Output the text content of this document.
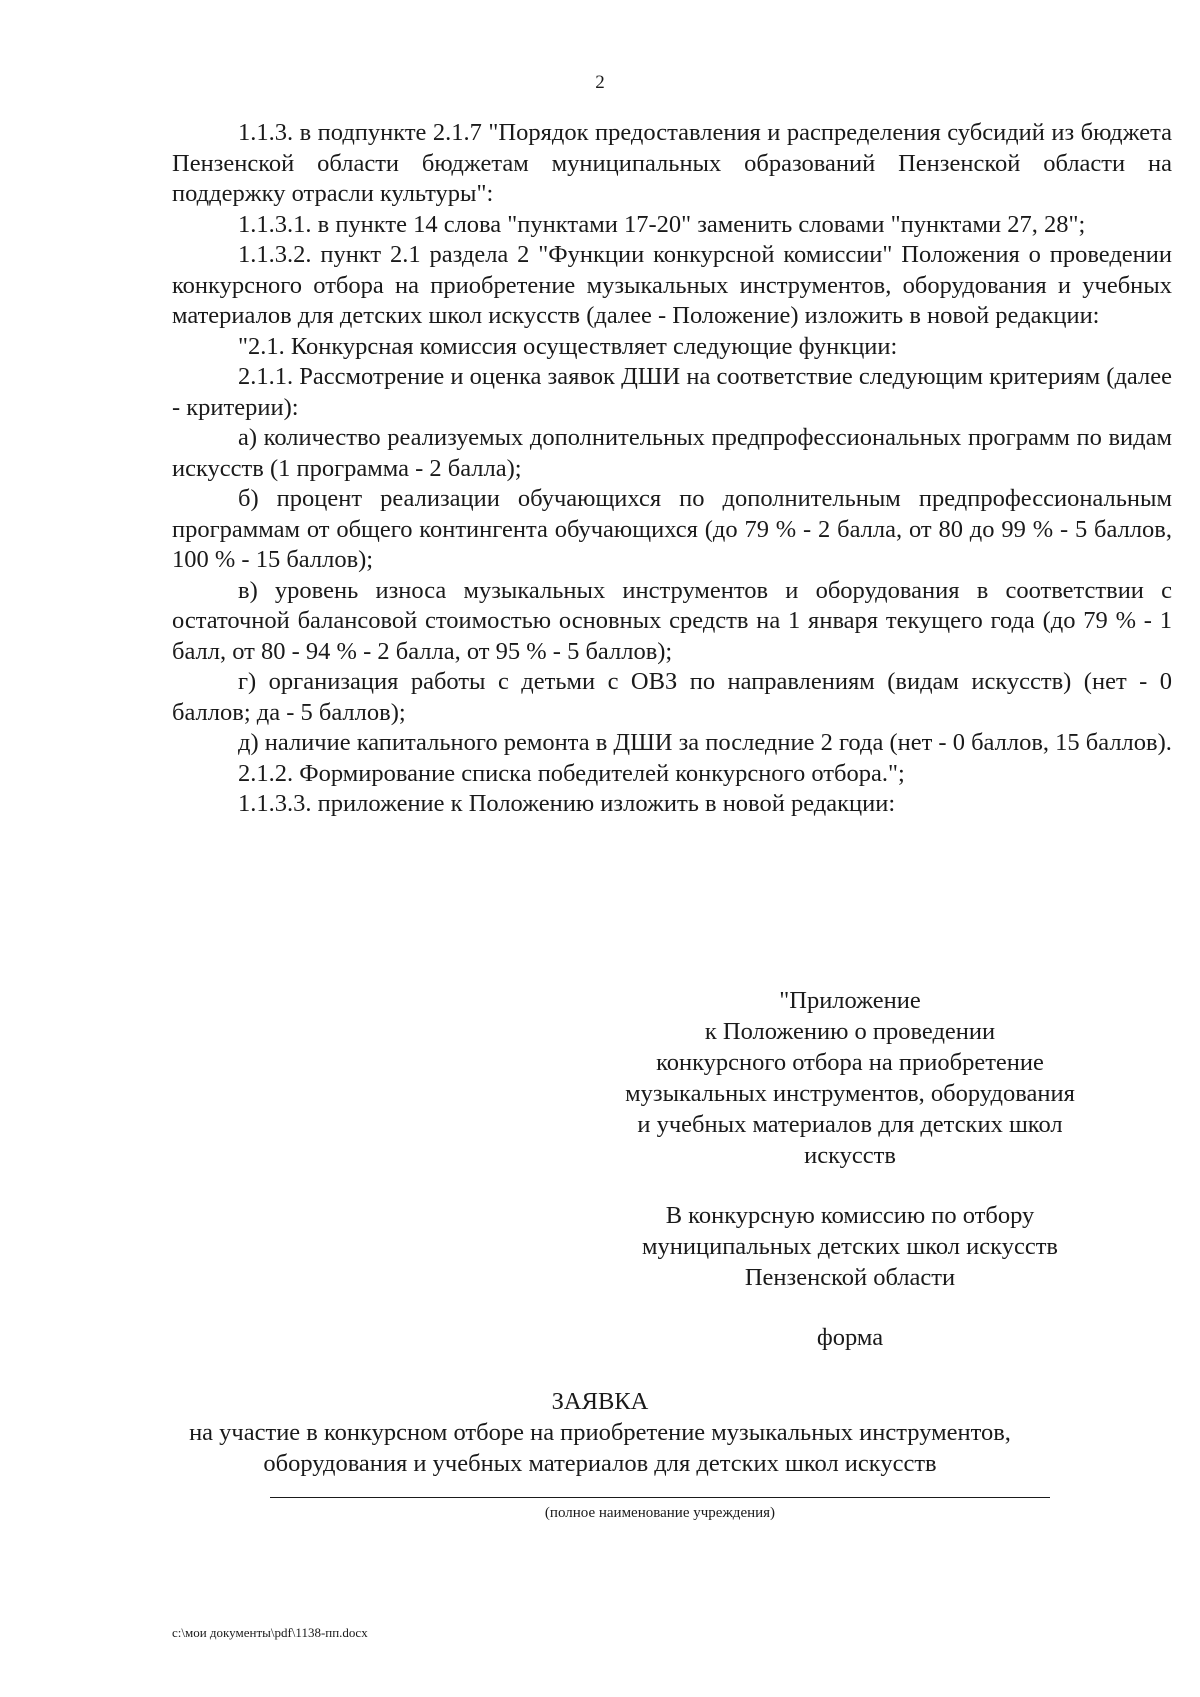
2

1.1.3. в подпункте 2.1.7 "Порядок предоставления и распределения субсидий из бюджета Пензенской области бюджетам муниципальных образований Пензенской области на поддержку отрасли культуры":

1.1.3.1. в пункте 14 слова "пунктами 17-20" заменить словами "пунктами 27, 28";

1.1.3.2. пункт 2.1 раздела 2 "Функции конкурсной комиссии" Положения о проведении конкурсного отбора на приобретение музыкальных инструментов, оборудования и учебных материалов для детских школ искусств (далее - Положение) изложить в новой редакции:

"2.1. Конкурсная комиссия осуществляет следующие функции:

2.1.1. Рассмотрение и оценка заявок ДШИ на соответствие следующим критериям (далее - критерии):

а) количество реализуемых дополнительных предпрофессиональных программ по видам искусств (1 программа - 2 балла);

б) процент реализации обучающихся по дополнительным предпрофессиональным программам от общего контингента обучающихся (до 79 % - 2 балла, от 80 до 99 % - 5 баллов, 100 % - 15 баллов);

в) уровень износа музыкальных инструментов и оборудования в соответствии с остаточной балансовой стоимостью основных средств на 1 января текущего года (до 79 % - 1 балл, от 80 - 94 % - 2 балла, от 95 % - 5 баллов);

г) организация работы с детьми с ОВЗ по направлениям (видам искусств) (нет - 0 баллов; да - 5 баллов);

д) наличие капитального ремонта в ДШИ за последние 2 года (нет - 0 баллов, 15 баллов).

2.1.2. Формирование списка победителей конкурсного отбора.";

1.1.3.3. приложение к Положению изложить в новой редакции:

"Приложение
к Положению о проведении
конкурсного отбора на приобретение
музыкальных инструментов, оборудования
и учебных материалов для детских школ
искусств
В конкурсную комиссию по отбору
муниципальных детских школ искусств
Пензенской области
форма
ЗАЯВКА
на участие в конкурсном отборе на приобретение музыкальных инструментов,
оборудования и учебных материалов для детских школ искусств
(полное наименование учреждения)
c:\мои документы\pdf\1138-пп.docx
